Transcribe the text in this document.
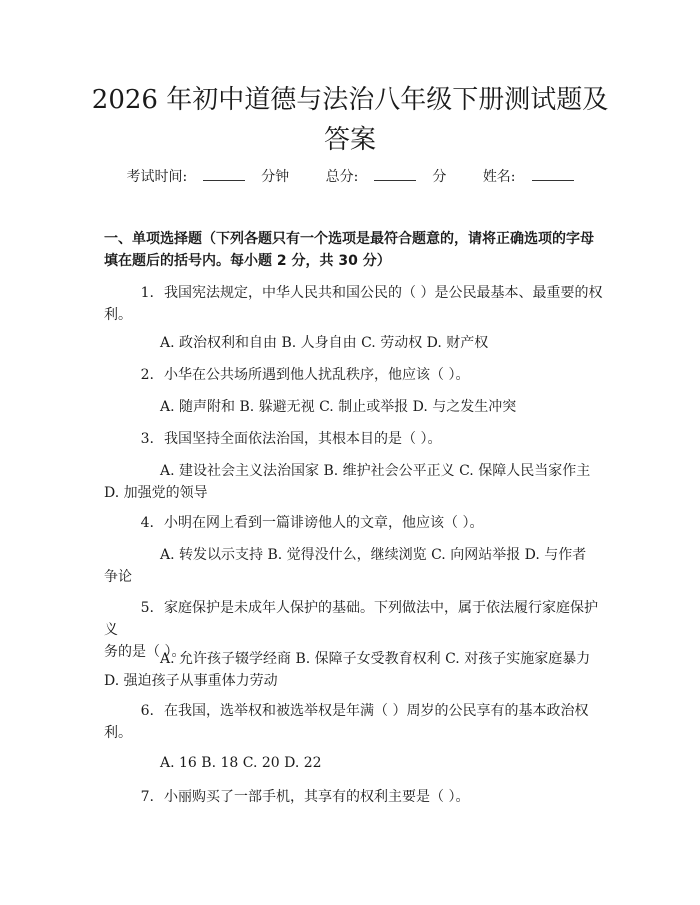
2026 年初中道德与法治八年级下册测试题及
答案
考试时间:	分钟	总分:	分	姓名:
一、单项选择题（下列各题只有一个选项是最符合题意的，请将正确选项的字母
填在题后的括号内。每小题 2 分，共 30 分）
1. 我国宪法规定，中华人民共和国公民的（ ）是公民最基本、最重要的权
利。
A. 政治权利和自由 B. 人身自由 C. 劳动权 D. 财产权
2. 小华在公共场所遇到他人扰乱秩序，他应该（ ）。
A. 随声附和 B. 躲避无视 C. 制止或举报 D. 与之发生冲突
3. 我国坚持全面依法治国，其根本目的是（ ）。
A. 建设社会主义法治国家 B. 维护社会公平正义 C. 保障人民当家作主
D. 加强党的领导
4. 小明在网上看到一篇诽谤他人的文章，他应该（ ）。
A. 转发以示支持 B. 觉得没什么，继续浏览 C. 向网站举报 D. 与作者
争论
5. 家庭保护是未成年人保护的基础。下列做法中，属于依法履行家庭保护义
务的是（ ）。
A. 允许孩子辍学经商 B. 保障子女受教育权利 C. 对孩子实施家庭暴力
D. 强迫孩子从事重体力劳动
6. 在我国，选举权和被选举权是年满（ ）周岁的公民享有的基本政治权
利。
A. 16 B. 18 C. 20 D. 22
7. 小丽购买了一部手机，其享有的权利主要是（ ）。
